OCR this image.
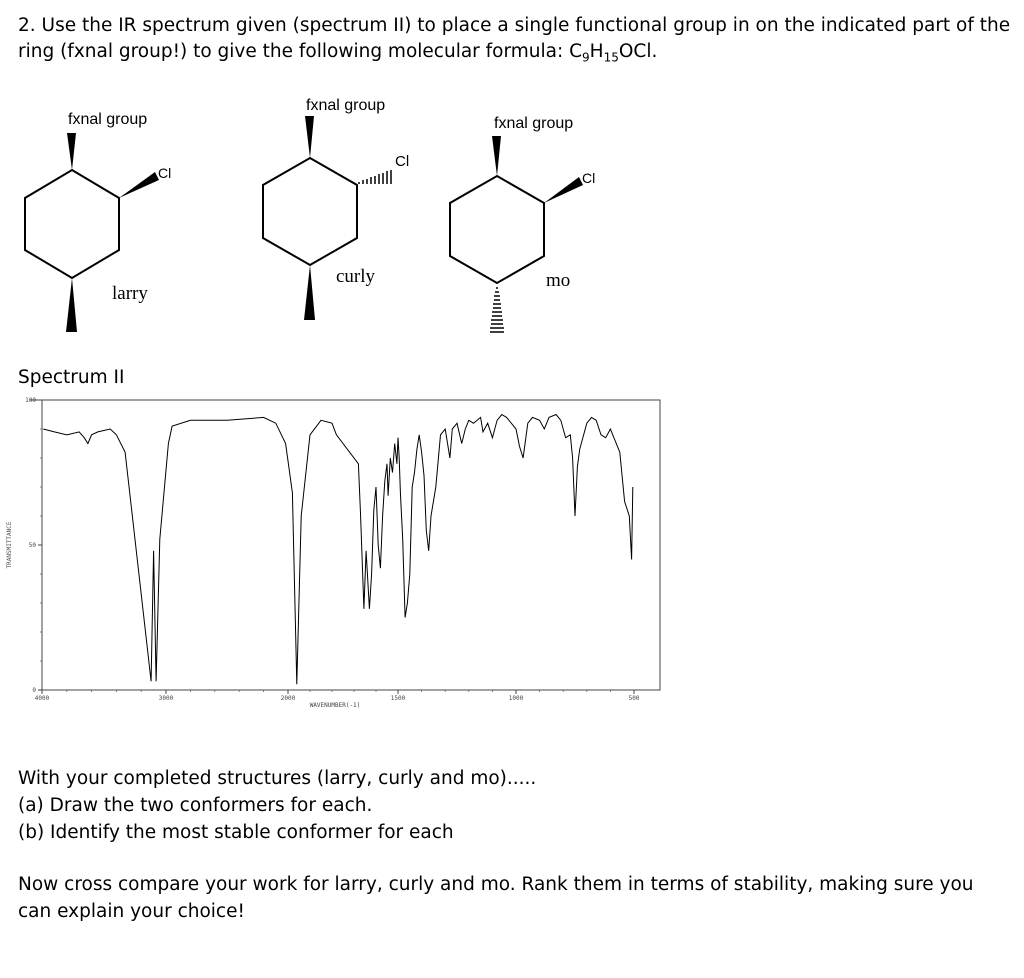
2. Use the IR spectrum given (spectrum II) to place a single functional group in on the indicated part of the
ring (fxnal group!) to give the following molecular formula: $C_9H_{15}OCl$.
fxnal group
Cl
larry
fxnal group
Cl
curly
fxnal group
Cl
mo
Spectrum II
TRANSMITTANCE
100
50
0
4000	3000	2000	1500	1000	500
WAVENUMBER(-1)
With your completed structures (larry, curly and mo).....
(a) Draw the two conformers for each.
(b) Identify the most stable conformer for each
Now cross compare your work for larry, curly and mo. Rank them in terms of stability, making sure you
can explain your choice!
